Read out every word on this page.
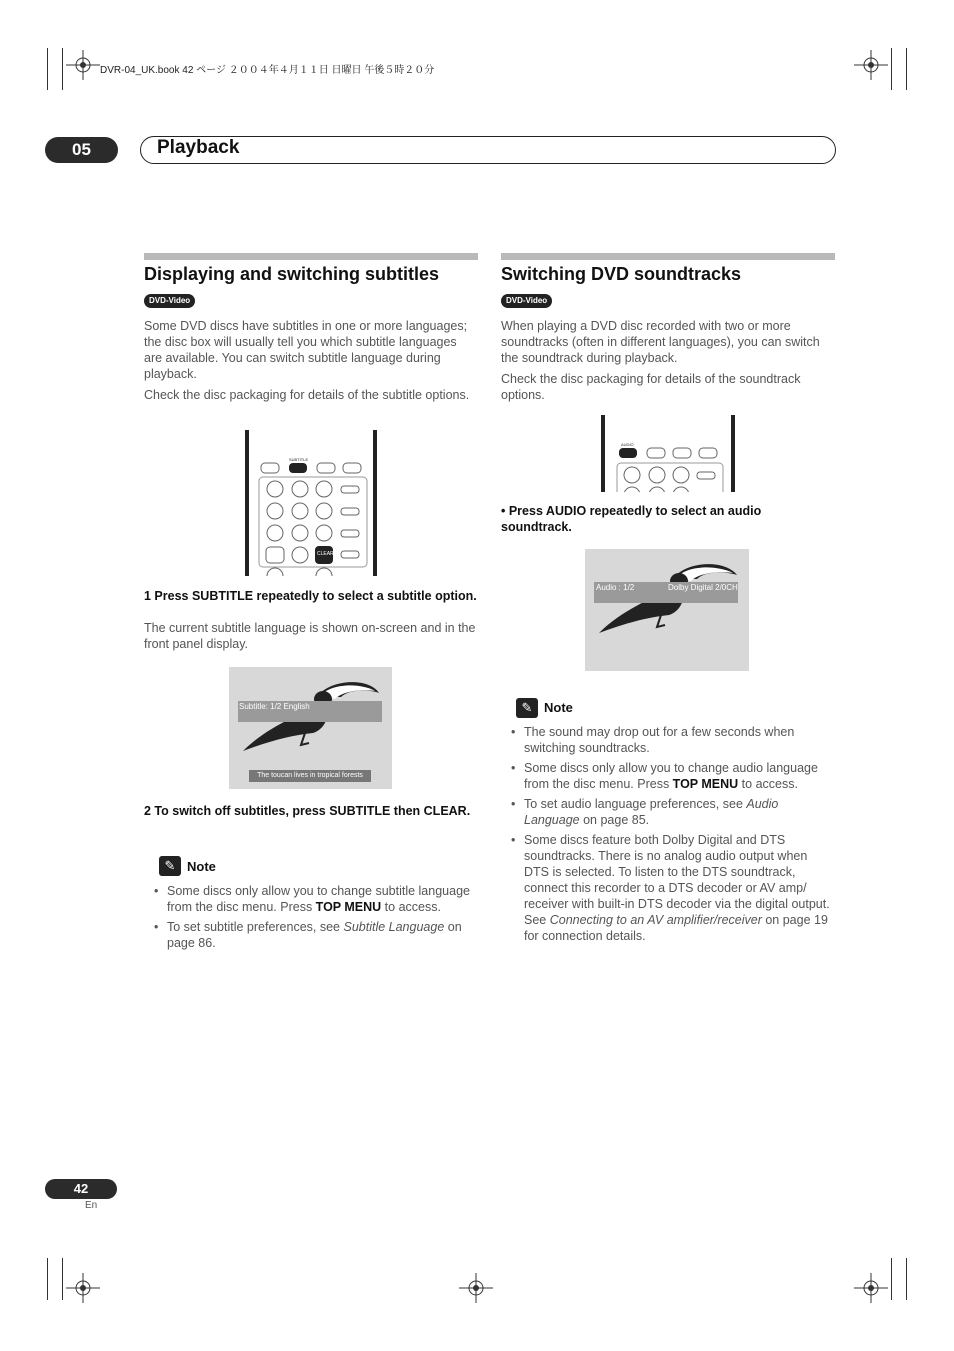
DVR-04_UK.book 42 ページ ２００４年４月１１日 日曜日 午後５時２０分
05	Playback
Displaying and switching subtitles
DVD-Video
Some DVD discs have subtitles in one or more languages; the disc box will usually tell you which subtitle languages are available. You can switch subtitle language during playback.
Check the disc packaging for details of the subtitle options.
SUBTITLE
CLEAR
1 Press SUBTITLE repeatedly to select a subtitle option.
The current subtitle language is shown on-screen and in the front panel display.
Subtitle: 1/2 English
The toucan lives in tropical forests
2 To switch off subtitles, press SUBTITLE then CLEAR.
✎ Note
• Some discs only allow you to change subtitle language from the disc menu. Press TOP MENU to access.
• To set subtitle preferences, see Subtitle Language on page 86.
Switching DVD soundtracks
DVD-Video
When playing a DVD disc recorded with two or more soundtracks (often in different languages), you can switch the soundtrack during playback.
Check the disc packaging for details of the soundtrack options.
AUDIO
• Press AUDIO repeatedly to select an audio soundtrack.
Audio : 1/2	Dolby Digital 2/0CH
✎ Note
• The sound may drop out for a few seconds when switching soundtracks.
• Some discs only allow you to change audio language from the disc menu. Press TOP MENU to access.
• To set audio language preferences, see Audio Language on page 85.
• Some discs feature both Dolby Digital and DTS soundtracks. There is no analog audio output when DTS is selected. To listen to the DTS soundtrack, connect this recorder to a DTS decoder or AV amp/ receiver with built-in DTS decoder via the digital output. See Connecting to an AV amplifier/receiver on page 19 for connection details.
42
En
